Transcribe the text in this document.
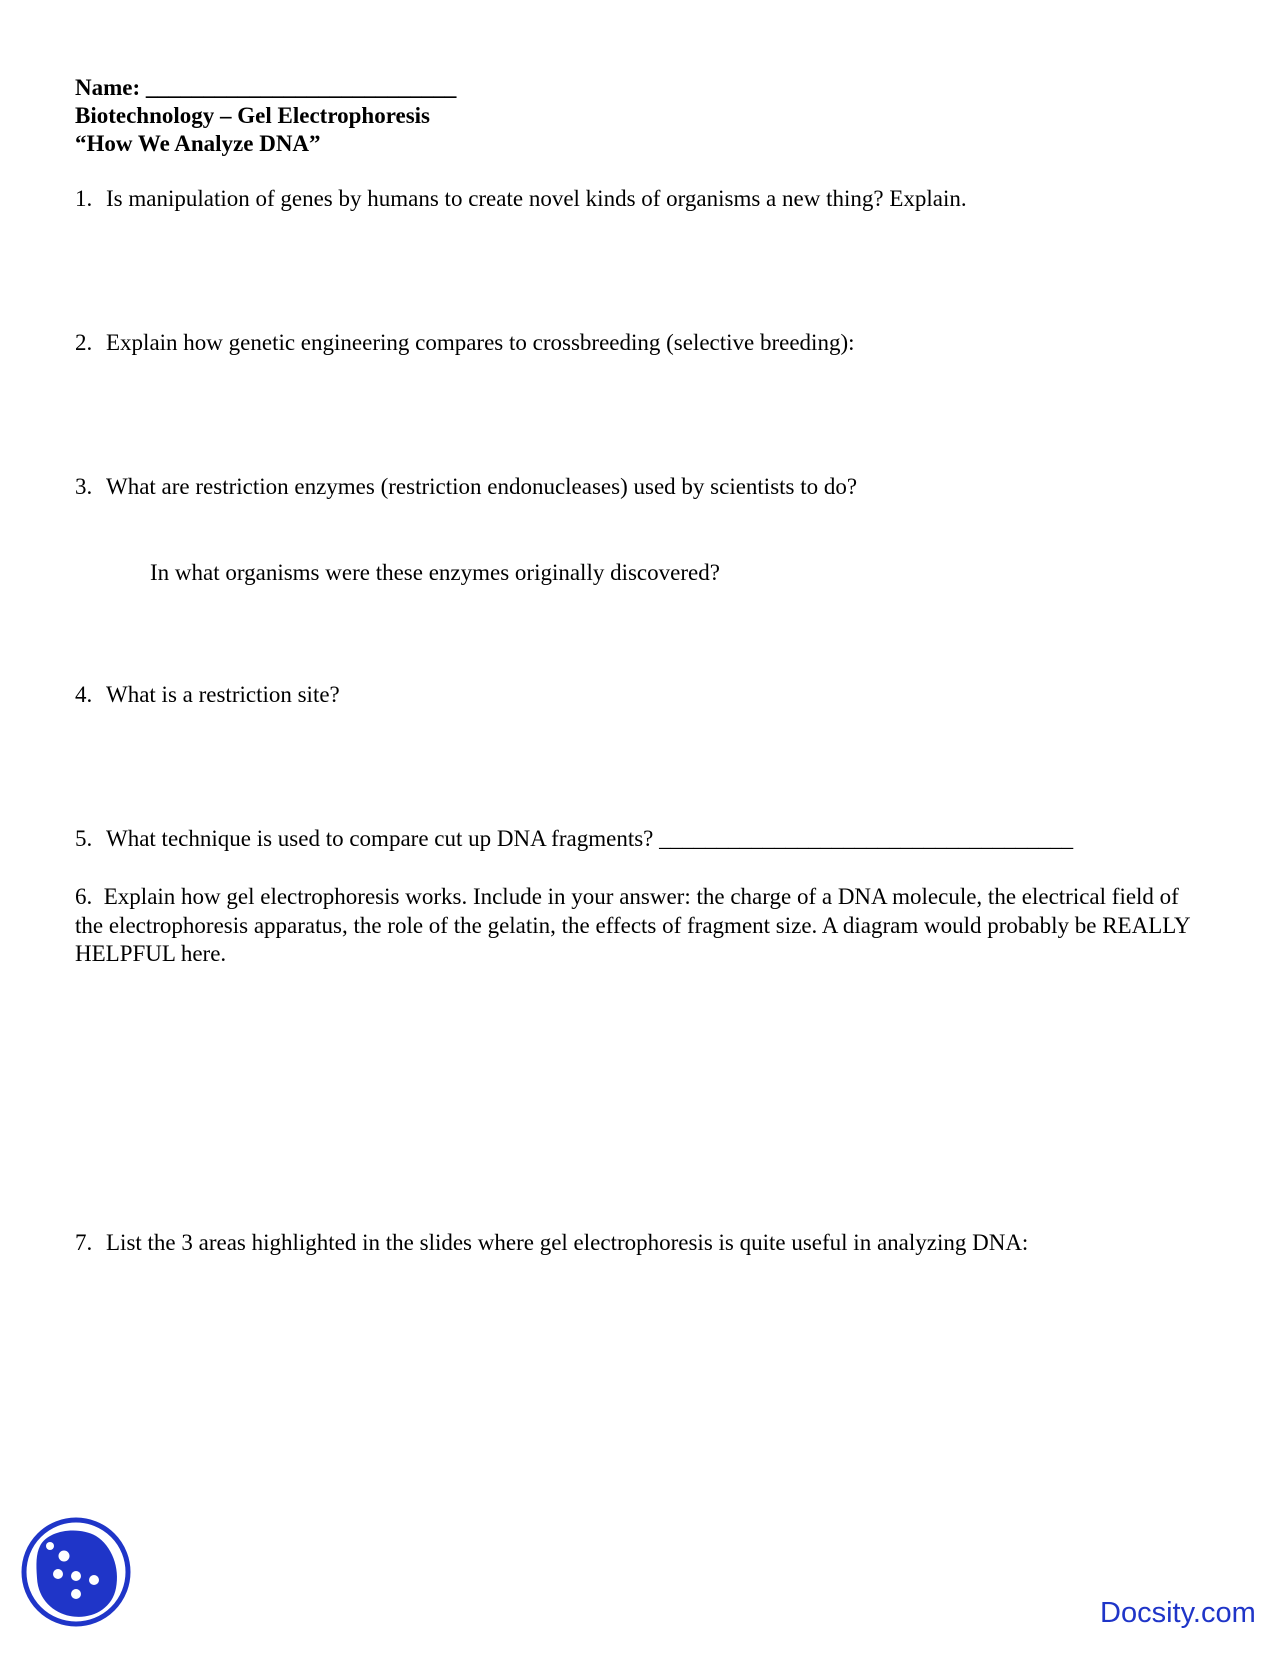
Name: ___________________________
Biotechnology – Gel Electrophoresis
“How We Analyze DNA”
1. Is manipulation of genes by humans to create novel kinds of organisms a new thing? Explain.
2. Explain how genetic engineering compares to crossbreeding (selective breeding):
3. What are restriction enzymes (restriction endonucleases) used by scientists to do?
In what organisms were these enzymes originally discovered?
4. What is a restriction site?
5. What technique is used to compare cut up DNA fragments? ____________________________________
6. Explain how gel electrophoresis works. Include in your answer: the charge of a DNA molecule, the electrical field of the electrophoresis apparatus, the role of the gelatin, the effects of fragment size. A diagram would probably be REALLY HELPFUL here.
7. List the 3 areas highlighted in the slides where gel electrophoresis is quite useful in analyzing DNA:
Docsity.com
